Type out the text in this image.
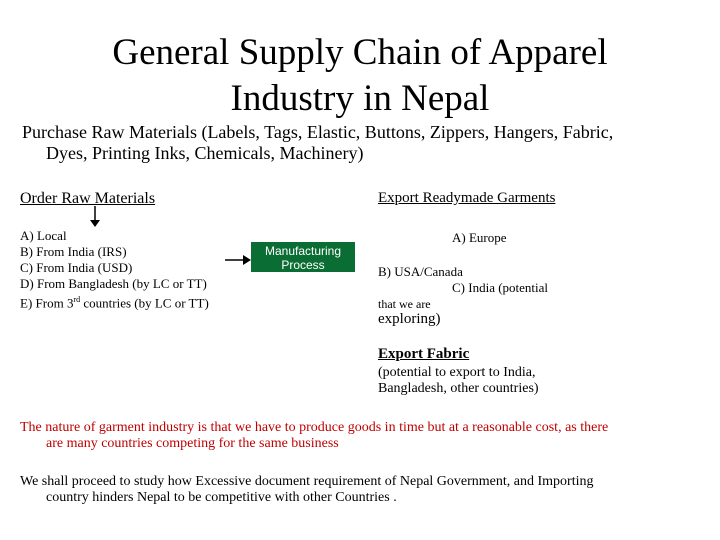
General Supply Chain of Apparel
Industry in Nepal
Purchase Raw Materials (Labels, Tags, Elastic, Buttons, Zippers, Hangers, Fabric,
Dyes, Printing Inks, Chemicals, Machinery)
Order Raw Materials
A) Local
B) From India (IRS)
C) From India (USD)
D) From Bangladesh (by LC or TT)
E) From 3rd countries (by LC or TT)
Manufacturing
Process
Export Readymade Garments
A) Europe
B) USA/Canada
C) India (potential
that we are
exploring)
Export Fabric
(potential to export to India,
Bangladesh, other countries)
The nature of garment industry is that we have to produce goods in time but at a reasonable cost, as there
are many countries competing for the same business
We shall proceed to study how Excessive document requirement of Nepal Government, and Importing
country hinders Nepal to be competitive with other Countries .
